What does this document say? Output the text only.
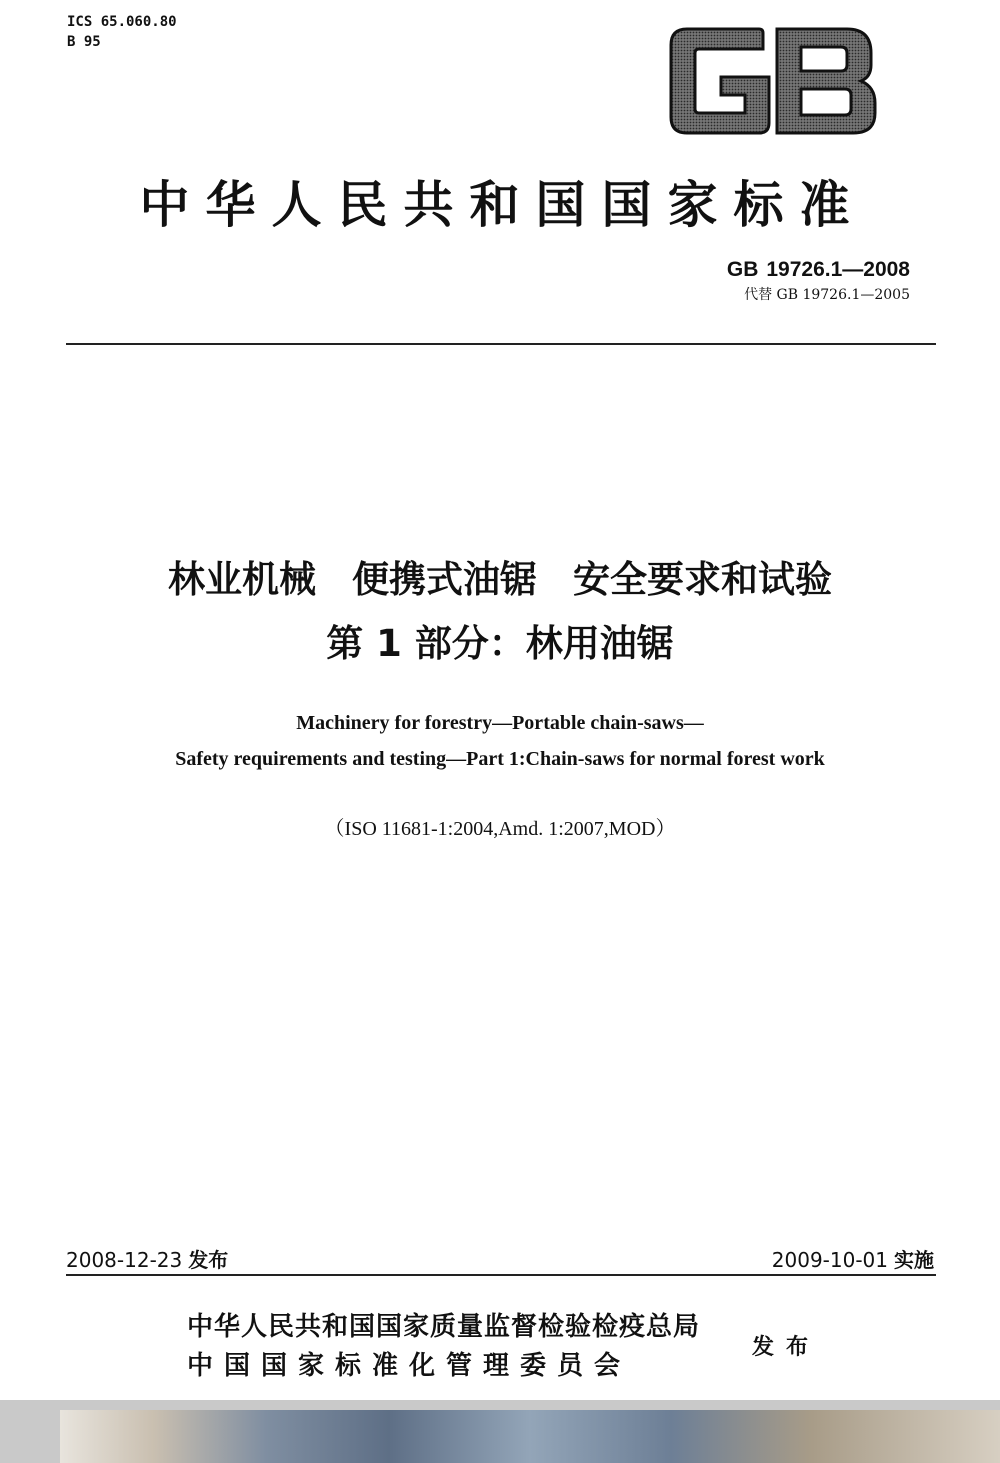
ICS 65.060.80
B 95
中华人民共和国国家标准
GB 19726.1—2008
代替 GB 19726.1—2005
林业机械 便携式油锯 安全要求和试验
第 1 部分：林用油锯
Machinery for forestry—Portable chain-saws—
Safety requirements and testing—Part 1:Chain-saws for normal forest work
（ISO 11681-1:2004,Amd. 1:2007,MOD）
2008-12-23 发布	2009-10-01 实施
中华人民共和国国家质量监督检验检疫总局
中国国家标准化管理委员会
发布
